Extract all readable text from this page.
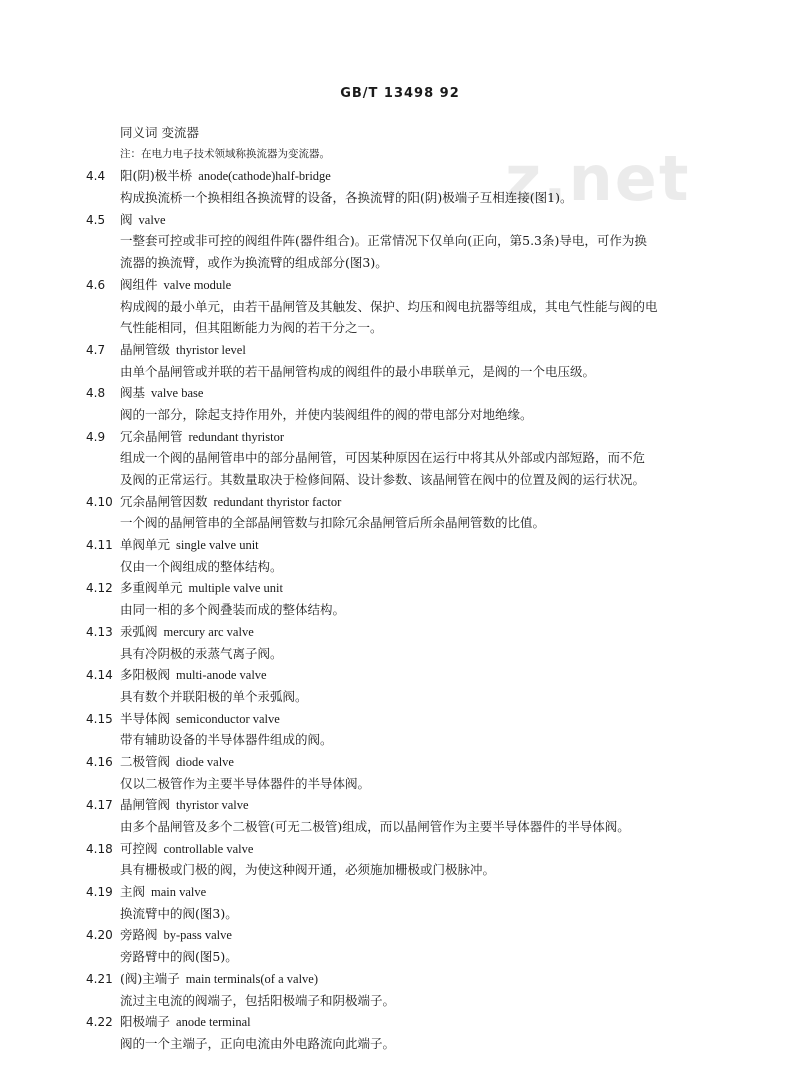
GB/T 13498 92
z.net
同义词 变流器
注：在电力电子技术领域称换流器为变流器。
4.4 阳(阴)极半桥 anode(cathode)half-bridge
构成换流桥一个换相组各换流臂的设备，各换流臂的阳(阴)极端子互相连接(图1)。
4.5 阀 valve
一整套可控或非可控的阀组件阵(器件组合)。正常情况下仅单向(正向，第5.3条)导电，可作为换
流器的换流臂，或作为换流臂的组成部分(图3)。
4.6 阀组件 valve module
构成阀的最小单元，由若干晶闸管及其触发、保护、均压和阀电抗器等组成，其电气性能与阀的电
气性能相同，但其阻断能力为阀的若干分之一。
4.7 晶闸管级 thyristor level
由单个晶闸管或并联的若干晶闸管构成的阀组件的最小串联单元，是阀的一个电压级。
4.8 阀基 valve base
阀的一部分，除起支持作用外，并使内装阀组件的阀的带电部分对地绝缘。
4.9 冗余晶闸管 redundant thyristor
组成一个阀的晶闸管串中的部分晶闸管，可因某种原因在运行中将其从外部或内部短路，而不危
及阀的正常运行。其数量取决于检修间隔、设计参数、该晶闸管在阀中的位置及阀的运行状况。
4.10 冗余晶闸管因数 redundant thyristor factor
一个阀的晶闸管串的全部晶闸管数与扣除冗余晶闸管后所余晶闸管数的比值。
4.11 单阀单元 single valve unit
仅由一个阀组成的整体结构。
4.12 多重阀单元 multiple valve unit
由同一相的多个阀叠装而成的整体结构。
4.13 汞弧阀 mercury arc valve
具有冷阴极的汞蒸气离子阀。
4.14 多阳极阀 multi-anode valve
具有数个并联阳极的单个汞弧阀。
4.15 半导体阀 semiconductor valve
带有辅助设备的半导体器件组成的阀。
4.16 二极管阀 diode valve
仅以二极管作为主要半导体器件的半导体阀。
4.17 晶闸管阀 thyristor valve
由多个晶闸管及多个二极管(可无二极管)组成，而以晶闸管作为主要半导体器件的半导体阀。
4.18 可控阀 controllable valve
具有栅极或门极的阀，为使这种阀开通，必须施加栅极或门极脉冲。
4.19 主阀 main valve
换流臂中的阀(图3)。
4.20 旁路阀 by-pass valve
旁路臂中的阀(图5)。
4.21 (阀)主端子 main terminals(of a valve)
流过主电流的阀端子，包括阳极端子和阴极端子。
4.22 阳极端子 anode terminal
阀的一个主端子，正向电流由外电路流向此端子。
